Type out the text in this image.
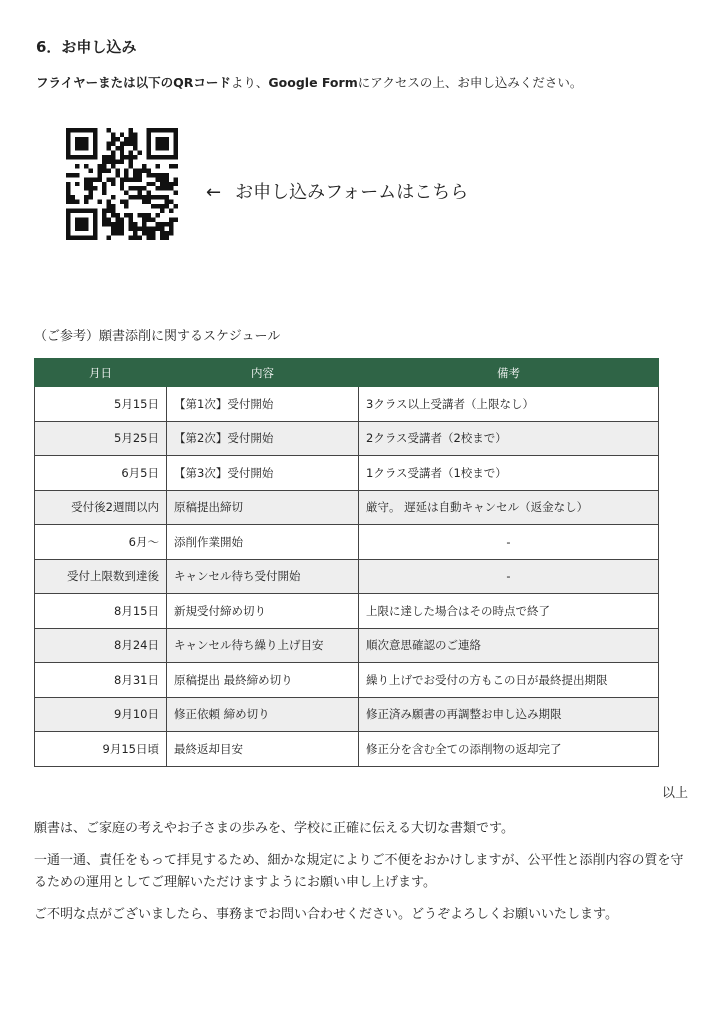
6．お申し込み
フライヤーまたは以下のQRコードより、Google Formにアクセスの上、お申し込みください。
← お申し込みフォームはこちら
（ご参考）願書添削に関するスケジュール
月日	内容	備考
5月15日	【第1次】受付開始	3クラス以上受講者（上限なし）
5月25日	【第2次】受付開始	2クラス受講者（2校まで）
6月5日	【第3次】受付開始	1クラス受講者（1校まで）
受付後2週間以内	原稿提出締切	厳守。 遅延は自動キャンセル（返金なし）
6月〜	添削作業開始	-
受付上限数到達後	キャンセル待ち受付開始	-
8月15日	新規受付締め切り	上限に達した場合はその時点で終了
8月24日	キャンセル待ち繰り上げ目安	順次意思確認のご連絡
8月31日	原稿提出 最終締め切り	繰り上げでお受付の方もこの日が最終提出期限
9月10日	修正依頼 締め切り	修正済み願書の再調整お申し込み期限
9月15日頃	最終返却目安	修正分を含む全ての添削物の返却完了
以上
願書は、ご家庭の考えやお子さまの歩みを、学校に正確に伝える大切な書類です。
一通一通、責任をもって拝見するため、細かな規定によりご不便をおかけしますが、公平性と添削内容の質を守るための運用としてご理解いただけますようにお願い申し上げます。
ご不明な点がございましたら、事務までお問い合わせください。どうぞよろしくお願いいたします。
